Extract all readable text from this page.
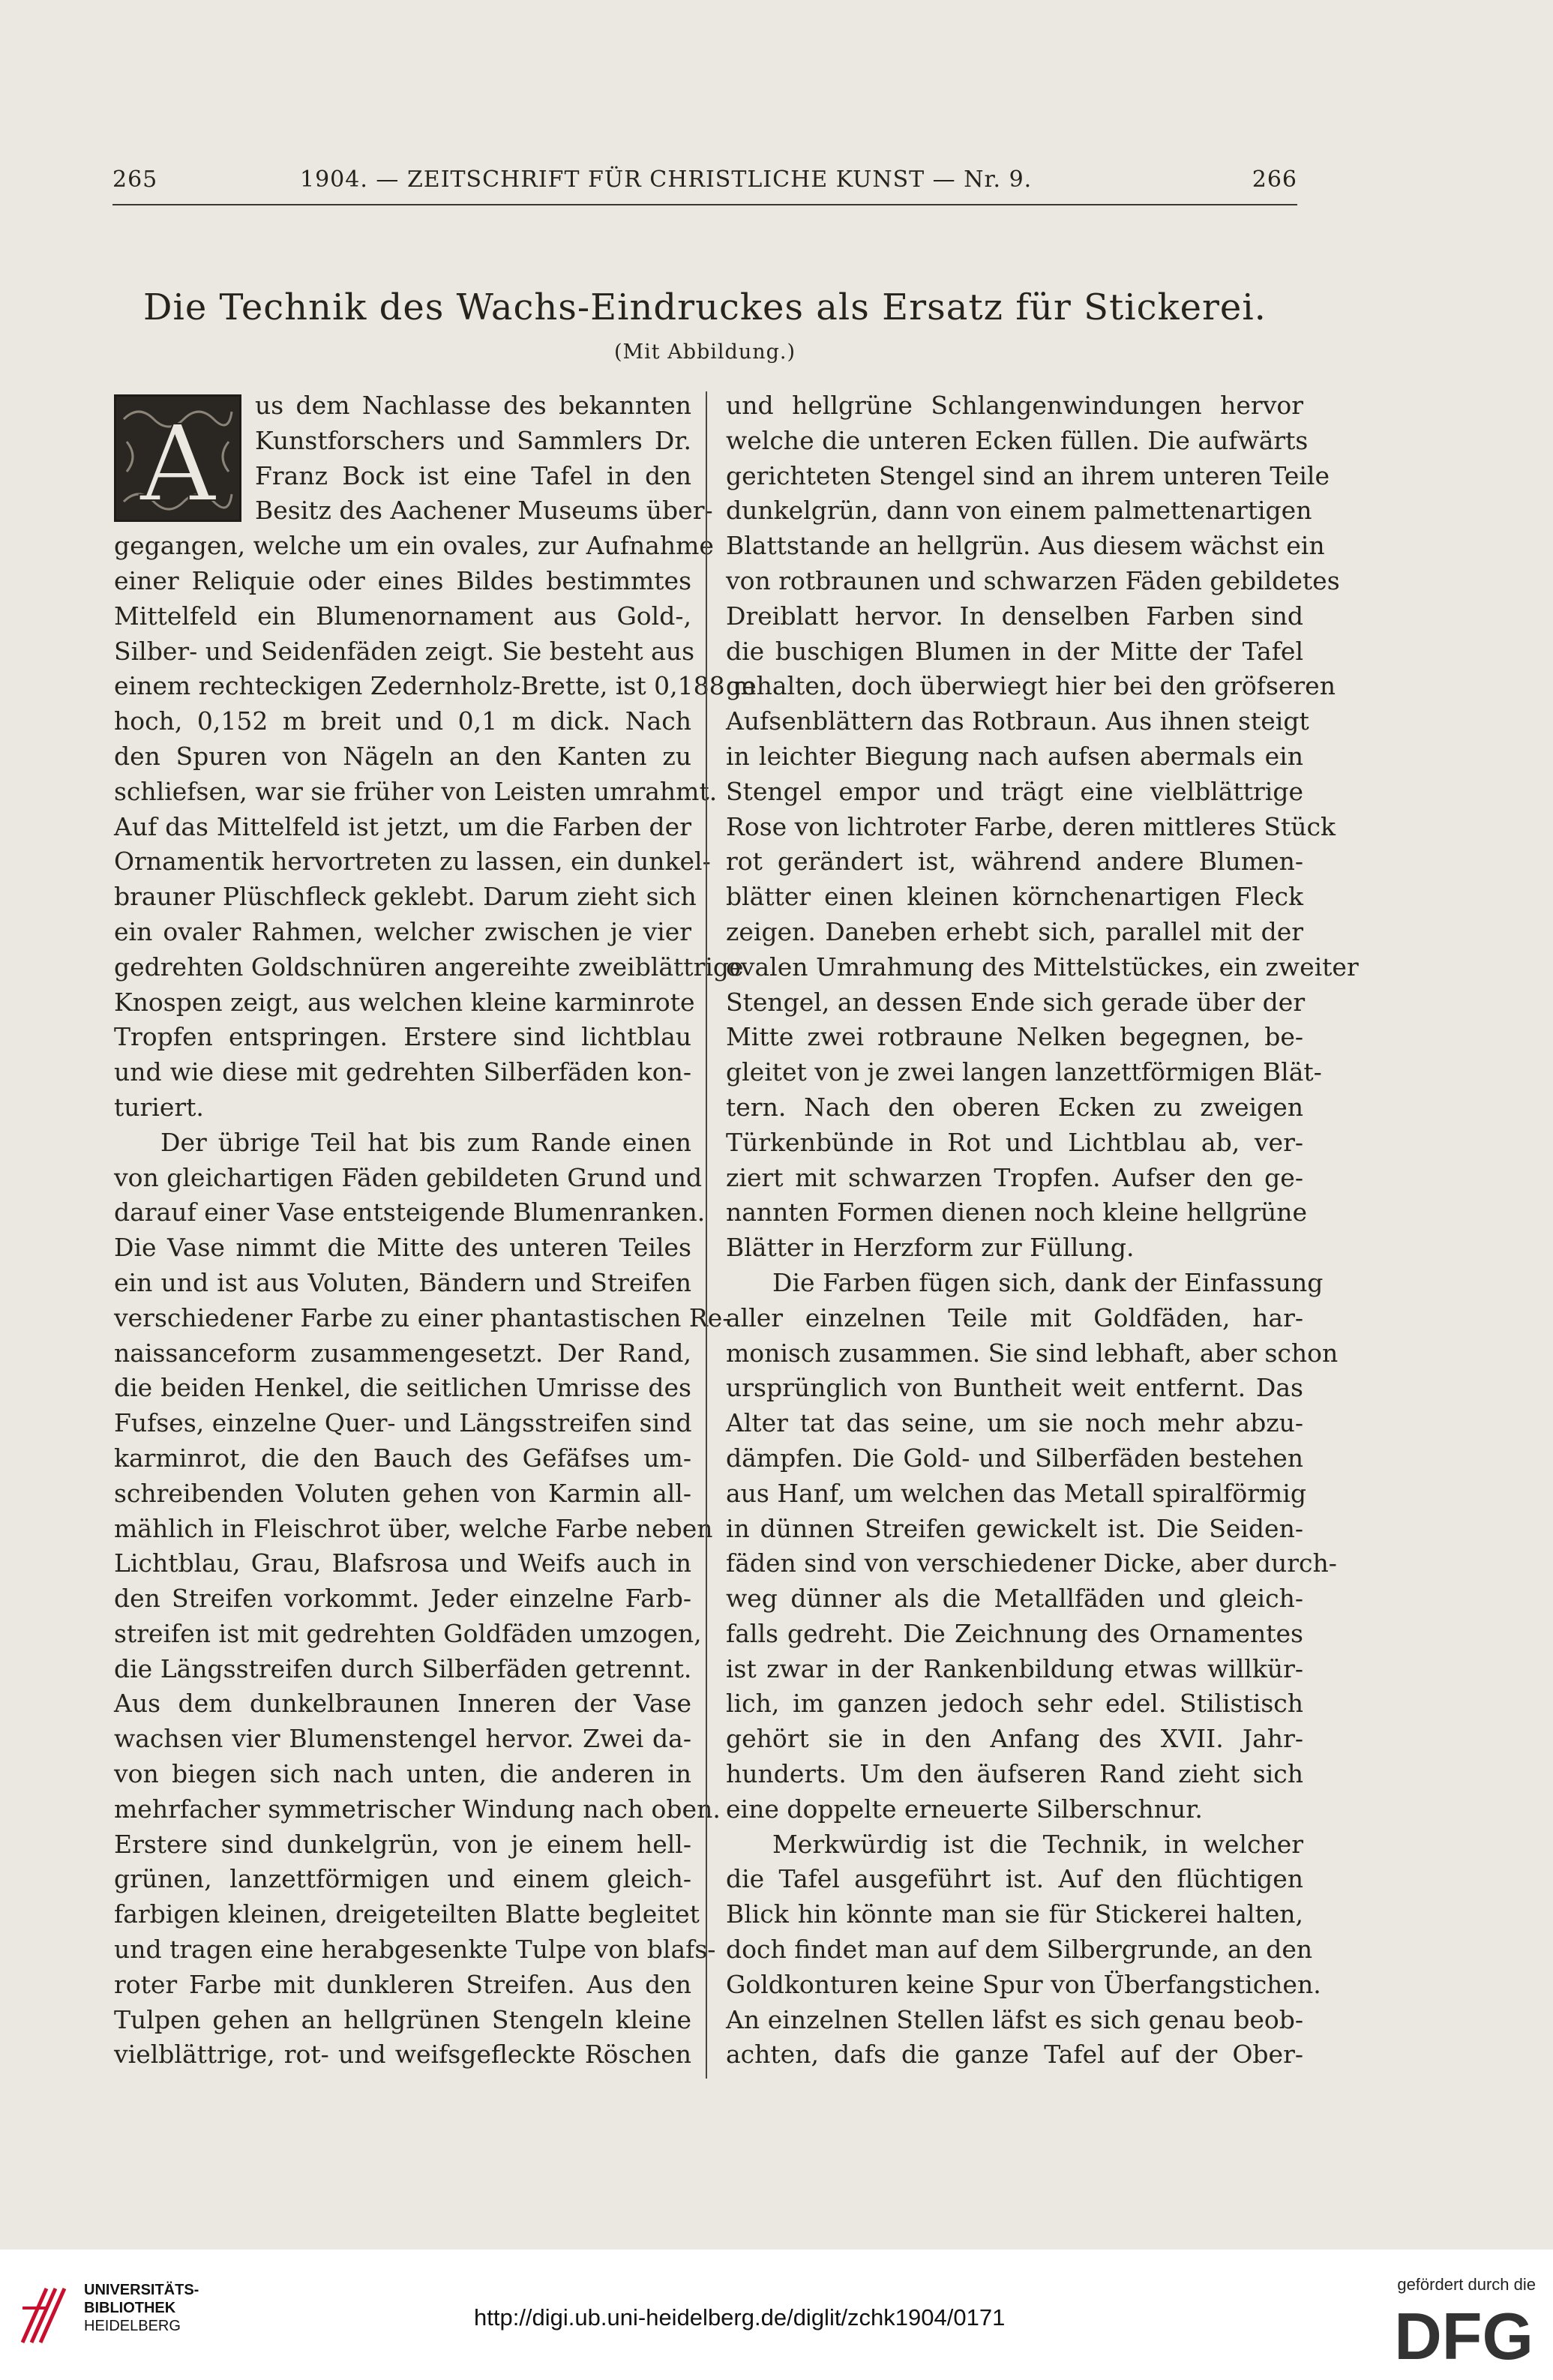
265	1904. — ZEITSCHRIFT FÜR CHRISTLICHE KUNST — Nr. 9.	266
Die Technik des Wachs-Eindruckes als Ersatz für Stickerei.
(Mit Abbildung.)
A	us dem Nachlasse des bekannten
Kunstforschers und Sammlers Dr.
Franz Bock ist eine Tafel in den
Besitz des Aachener Museums über-
gegangen, welche um ein ovales, zur Aufnahme
einer Reliquie oder eines Bildes bestimmtes
Mittelfeld ein Blumenornament aus Gold-,
Silber- und Seidenfäden zeigt. Sie besteht aus
einem rechteckigen Zedernholz-Brette, ist 0,188 m
hoch, 0,152 m breit und 0,1 m dick. Nach
den Spuren von Nägeln an den Kanten zu
schliefsen, war sie früher von Leisten umrahmt.
Auf das Mittelfeld ist jetzt, um die Farben der
Ornamentik hervortreten zu lassen, ein dunkel-
brauner Plüschfleck geklebt. Darum zieht sich
ein ovaler Rahmen, welcher zwischen je vier
gedrehten Goldschnüren angereihte zweiblättrige
Knospen zeigt, aus welchen kleine karminrote
Tropfen entspringen. Erstere sind lichtblau
und wie diese mit gedrehten Silberfäden kon-
turiert.
Der übrige Teil hat bis zum Rande einen
von gleichartigen Fäden gebildeten Grund und
darauf einer Vase entsteigende Blumenranken.
Die Vase nimmt die Mitte des unteren Teiles
ein und ist aus Voluten, Bändern und Streifen
verschiedener Farbe zu einer phantastischen Re-
naissanceform zusammengesetzt. Der Rand,
die beiden Henkel, die seitlichen Umrisse des
Fufses, einzelne Quer- und Längsstreifen sind
karminrot, die den Bauch des Gefäfses um-
schreibenden Voluten gehen von Karmin all-
mählich in Fleischrot über, welche Farbe neben
Lichtblau, Grau, Blafsrosa und Weifs auch in
den Streifen vorkommt. Jeder einzelne Farb-
streifen ist mit gedrehten Goldfäden umzogen,
die Längsstreifen durch Silberfäden getrennt.
Aus dem dunkelbraunen Inneren der Vase
wachsen vier Blumenstengel hervor. Zwei da-
von biegen sich nach unten, die anderen in
mehrfacher symmetrischer Windung nach oben.
Erstere sind dunkelgrün, von je einem hell-
grünen, lanzettförmigen und einem gleich-
farbigen kleinen, dreigeteilten Blatte begleitet
und tragen eine herabgesenkte Tulpe von blafs-
roter Farbe mit dunkleren Streifen. Aus den
Tulpen gehen an hellgrünen Stengeln kleine
vielblättrige, rot- und weifsgefleckte Röschen
und hellgrüne Schlangenwindungen hervor
welche die unteren Ecken füllen. Die aufwärts
gerichteten Stengel sind an ihrem unteren Teile
dunkelgrün, dann von einem palmettenartigen
Blattstande an hellgrün. Aus diesem wächst ein
von rotbraunen und schwarzen Fäden gebildetes
Dreiblatt hervor. In denselben Farben sind
die buschigen Blumen in der Mitte der Tafel
gehalten, doch überwiegt hier bei den gröfseren
Aufsenblättern das Rotbraun. Aus ihnen steigt
in leichter Biegung nach aufsen abermals ein
Stengel empor und trägt eine vielblättrige
Rose von lichtroter Farbe, deren mittleres Stück
rot gerändert ist, während andere Blumen-
blätter einen kleinen körnchenartigen Fleck
zeigen. Daneben erhebt sich, parallel mit der
ovalen Umrahmung des Mittelstückes, ein zweiter
Stengel, an dessen Ende sich gerade über der
Mitte zwei rotbraune Nelken begegnen, be-
gleitet von je zwei langen lanzettförmigen Blät-
tern. Nach den oberen Ecken zu zweigen
Türkenbünde in Rot und Lichtblau ab, ver-
ziert mit schwarzen Tropfen. Aufser den ge-
nannten Formen dienen noch kleine hellgrüne
Blätter in Herzform zur Füllung.
Die Farben fügen sich, dank der Einfassung
aller einzelnen Teile mit Goldfäden, har-
monisch zusammen. Sie sind lebhaft, aber schon
ursprünglich von Buntheit weit entfernt. Das
Alter tat das seine, um sie noch mehr abzu-
dämpfen. Die Gold- und Silberfäden bestehen
aus Hanf, um welchen das Metall spiralförmig
in dünnen Streifen gewickelt ist. Die Seiden-
fäden sind von verschiedener Dicke, aber durch-
weg dünner als die Metallfäden und gleich-
falls gedreht. Die Zeichnung des Ornamentes
ist zwar in der Rankenbildung etwas willkür-
lich, im ganzen jedoch sehr edel. Stilistisch
gehört sie in den Anfang des XVII. Jahr-
hunderts. Um den äufseren Rand zieht sich
eine doppelte erneuerte Silberschnur.
Merkwürdig ist die Technik, in welcher
die Tafel ausgeführt ist. Auf den flüchtigen
Blick hin könnte man sie für Stickerei halten,
doch findet man auf dem Silbergrunde, an den
Goldkonturen keine Spur von Überfangstichen.
An einzelnen Stellen läfst es sich genau beob-
achten, dafs die ganze Tafel auf der Ober-
UNIVERSITÄTS-
BIBLIOTHEK
HEIDELBERG	http://digi.ub.uni-heidelberg.de/diglit/zchk1904/0171
gefördert durch die
DFG
